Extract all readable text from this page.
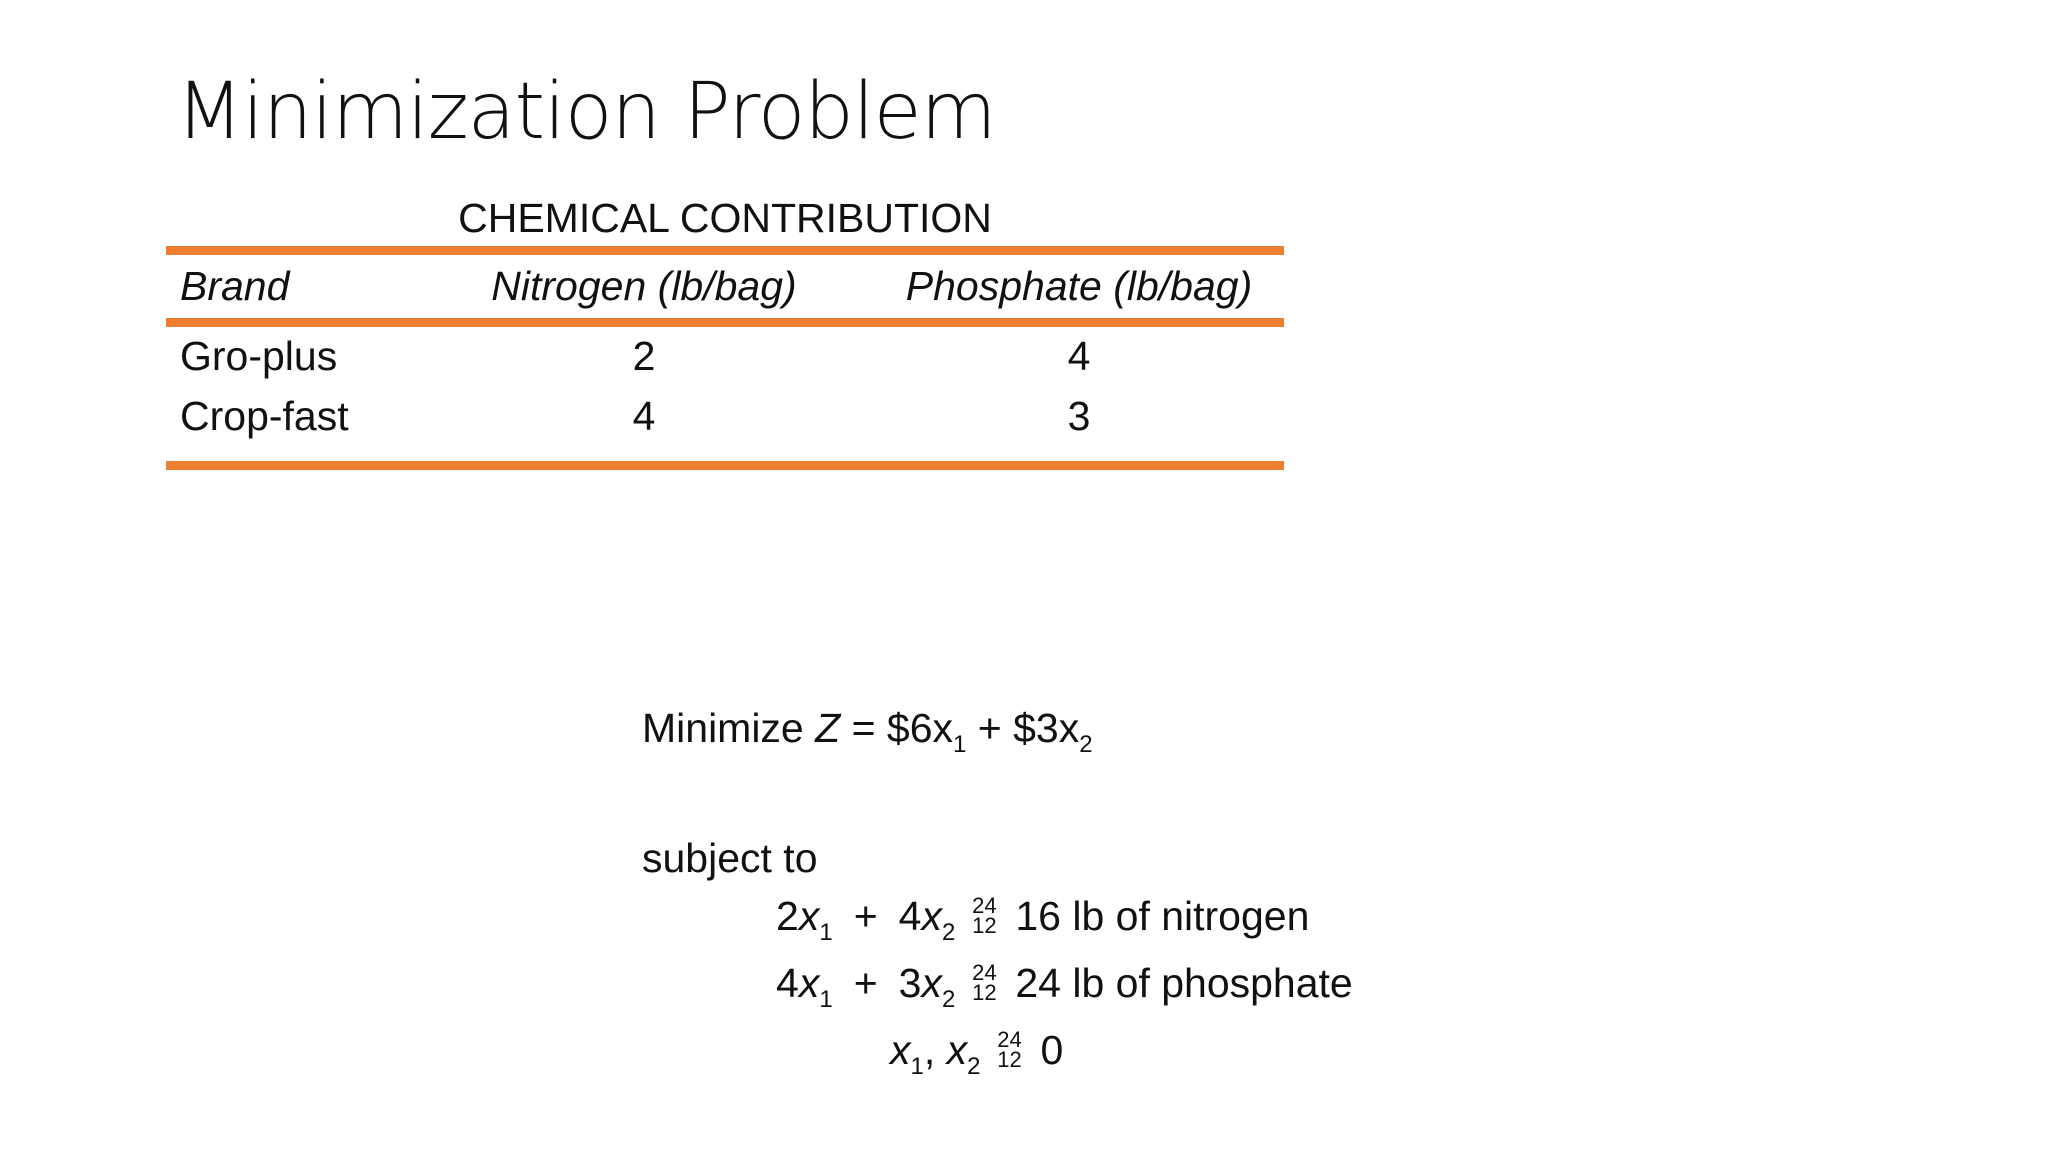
Minimization Problem
CHEMICAL CONTRIBUTION
Brand	Nitrogen (lb/bag)	Phosphate (lb/bag)
Gro-plus	2	4
Crop-fast	4	3
Minimize $Z = \$6x_1$ + $\$3x_2$
subject to
$2x_1 + 4x_2$
24
12 16 lb of nitrogen
$4x_1 + 3x_2$
24
12 24 lb of phosphate
$x_1$, $x_2$
24
12 0
